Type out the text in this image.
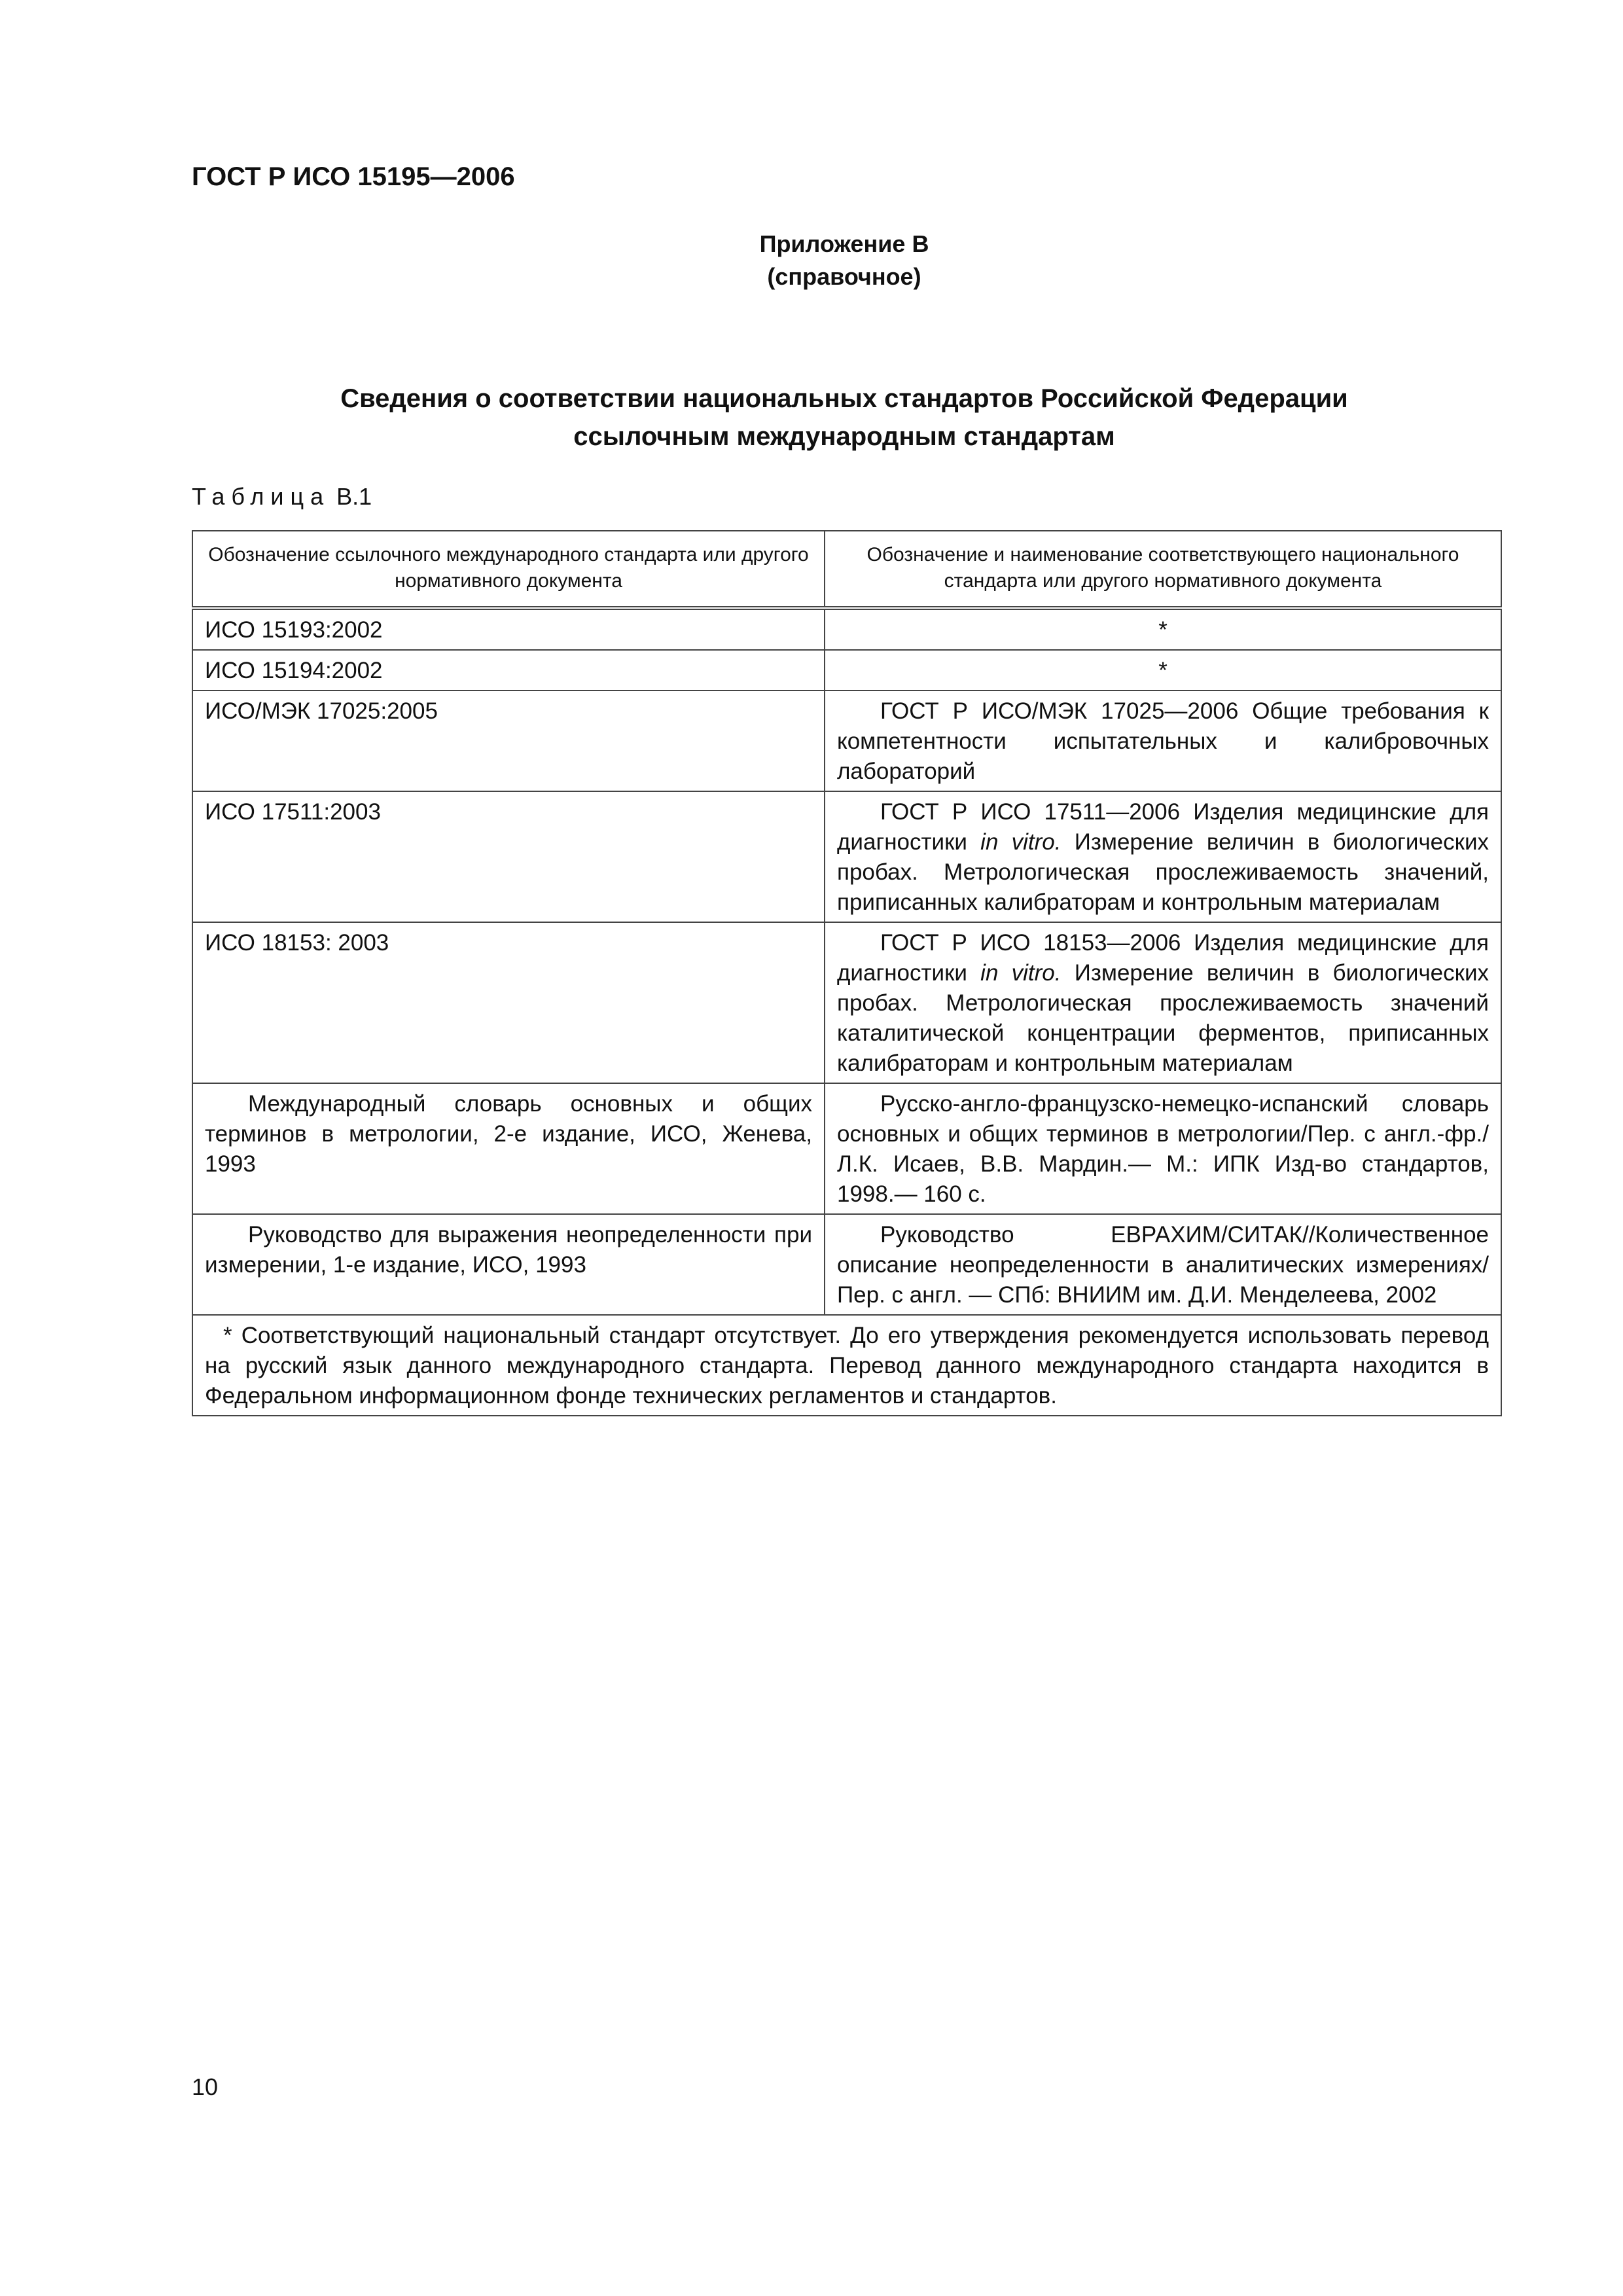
ГОСТ Р ИСО 15195—2006
Приложение В
(справочное)
Сведения о соответствии национальных стандартов Российской Федерации
ссылочным международным стандартам
Таблица В.1
Обозначение ссылочного международного стандарта или другого нормативного документа	Обозначение и наименование соответствующего национального стандарта или другого нормативного документа
ИСО 15193:2002	*
ИСО 15194:2002	*
ИСО/МЭК 17025:2005	ГОСТ Р ИСО/МЭК 17025—2006 Общие требования к компетентности испытательных и калибровочных лабораторий
ИСО 17511:2003	ГОСТ Р ИСО 17511—2006 Изделия медицинские для диагностики in vitro. Измерение величин в биологических пробах. Метрологическая прослеживаемость значений, приписанных калибраторам и контрольным материалам
ИСО 18153: 2003	ГОСТ Р ИСО 18153—2006 Изделия медицинские для диагностики in vitro. Измерение величин в биологических пробах. Метрологическая прослеживаемость значений каталитической концентрации ферментов, приписанных калибраторам и контрольным материалам
Международный словарь основных и общих терминов в метрологии, 2-е издание, ИСО, Женева, 1993	Русско-англо-французско-немецко-испанский словарь основных и общих терминов в метрологии/Пер. с англ.-фр./Л.К. Исаев, В.В. Мардин.— М.: ИПК Изд-во стандартов, 1998.— 160 с.
Руководство для выражения неопределенности при измерении, 1-е издание, ИСО, 1993	Руководство ЕВРАХИМ/СИТАК//Количественное описание неопределенности в аналитических измерениях/Пер. с англ. — СПб: ВНИИМ им. Д.И. Менделеева, 2002
* Соответствующий национальный стандарт отсутствует. До его утверждения рекомендуется использовать перевод на русский язык данного международного стандарта. Перевод данного международного стандарта находится в Федеральном информационном фонде технических регламентов и стандартов.	
10
